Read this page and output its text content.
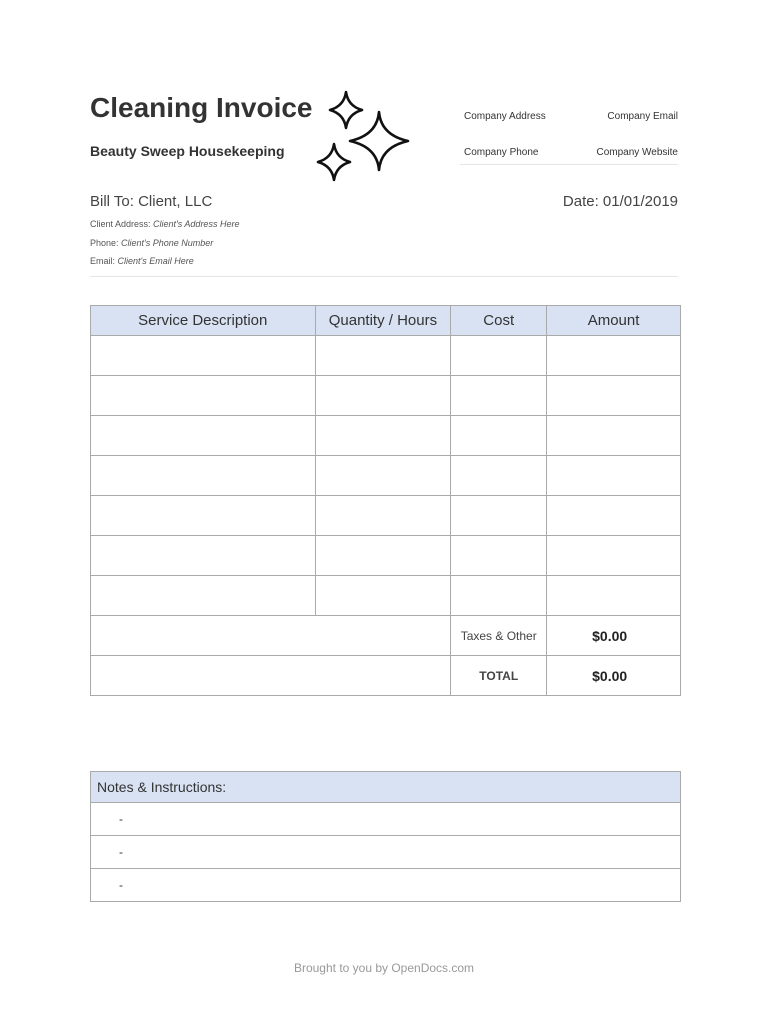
Cleaning Invoice
Beauty Sweep Housekeeping
Company Address	Company Email
Company Phone	Company Website
Bill To: Client, LLC	Date: 01/01/2019
Client Address: Client's Address Here
Phone: Client's Phone Number
Email: Client's Email Here
Service Description	Quantity / Hours	Cost	Amount

		Taxes & Other	$0.00
		TOTAL	$0.00
Notes & Instructions:
-
-
-
Brought to you by OpenDocs.com
